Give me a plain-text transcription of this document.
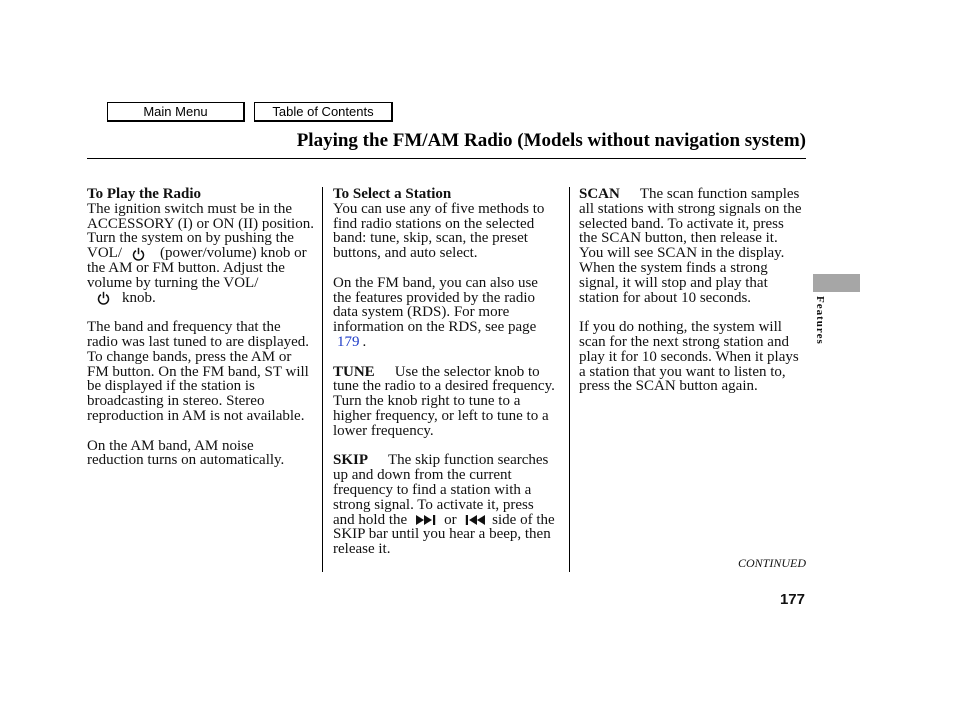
Main Menu	Table of Contents
Playing the FM/AM Radio (Models without navigation system)
To Play the Radio
The ignition switch must be in the
ACCESSORY (I) or ON (II) position.
Turn the system on by pushing the
VOL/	(power/volume) knob or
the AM or FM button. Adjust the
volume by turning the VOL/
knob.
The band and frequency that the
radio was last tuned to are displayed.
To change bands, press the AM or
FM button. On the FM band, ST will
be displayed if the station is
broadcasting in stereo. Stereo
reproduction in AM is not available.
On the AM band, AM noise
reduction turns on automatically.
To Select a Station
You can use any of five methods to
find radio stations on the selected
band: tune, skip, scan, the preset
buttons, and auto select.
On the FM band, you can also use
the features provided by the radio
data system (RDS). For more
information on the RDS, see page
179 .
TUNE Use the selector knob to
tune the radio to a desired frequency.
Turn the knob right to tune to a
higher frequency, or left to tune to a
lower frequency.
SKIP The skip function searches
up and down from the current
frequency to find a station with a
strong signal. To activate it, press
and hold the or side of the
SKIP bar until you hear a beep, then
release it.
SCAN The scan function samples
all stations with strong signals on the
selected band. To activate it, press
the SCAN button, then release it.
You will see SCAN in the display.
When the system finds a strong
signal, it will stop and play that
station for about 10 seconds.
If you do nothing, the system will
scan for the next strong station and
play it for 10 seconds. When it plays
a station that you want to listen to,
press the SCAN button again.
Features
CONTINUED
177
